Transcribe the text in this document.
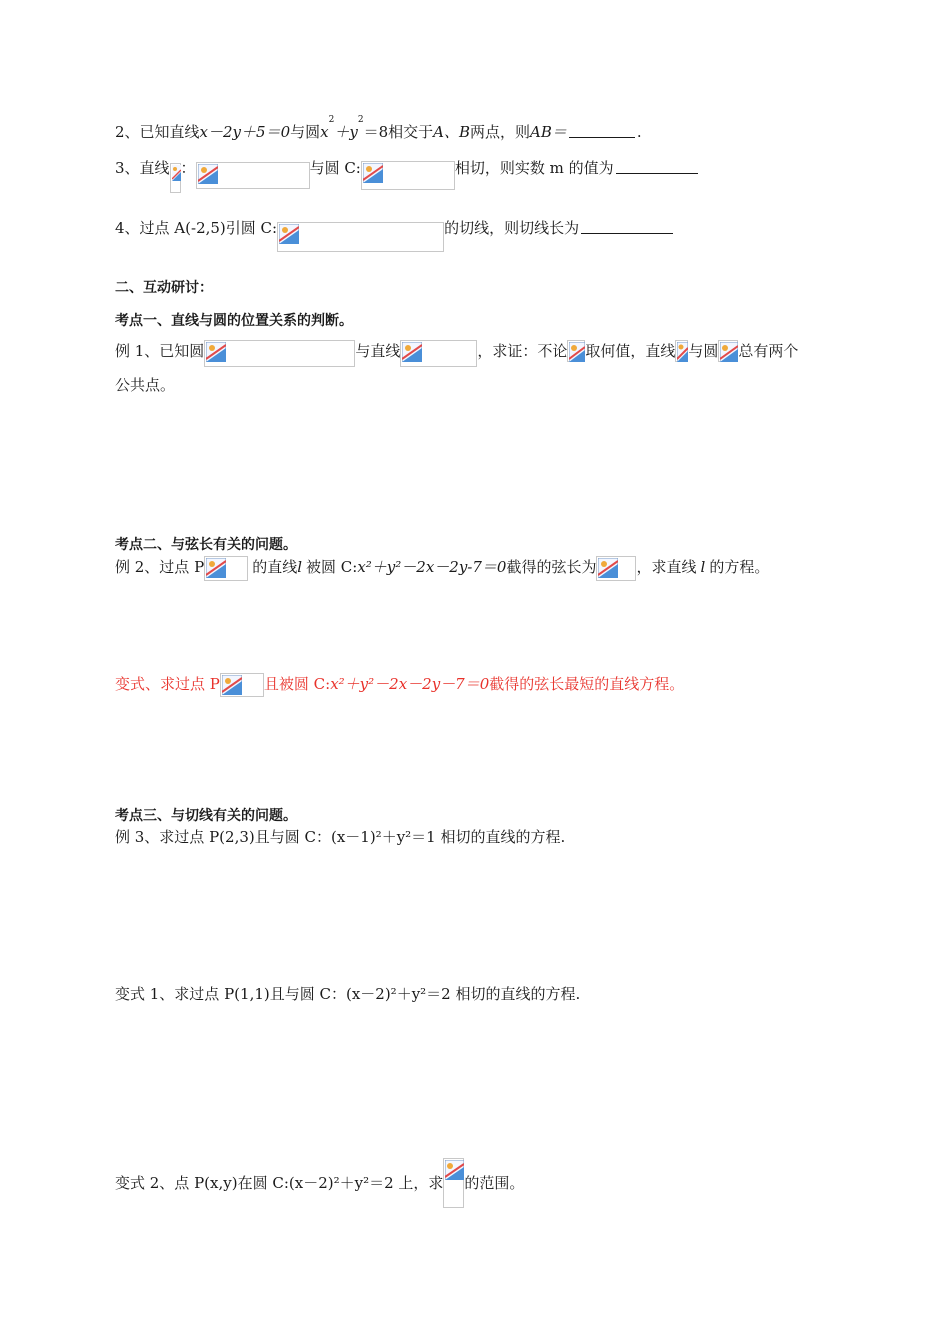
2、已知直线 x－2y＋5＝0 与圆 x
$^2$
＋y
$^2$
＝8 相交于 A、B 两点，则 AB＝	.
3、直线 ：	与圆 C:	相切，则实数 m 的值为
4、过点 A(-2,5)引圆 C:	的切线，则切线长为
二、互动研讨：
考点一、直线与圆的位置关系的判断。
例 1、已知圆	与直线	，求证：不论 取何值，直线 与圆 总有两个
公共点。
考点二、与弦长有关的问题。
例 2、过点 P	的直线 l 被圆 C: x²＋y²－2x－2y-7＝0 截得的弦长为	，求直线 l 的方程。
变式、求过点 P	且被圆 C: x²＋y²－2x－2y－7＝0 截得的弦长最短的直线方程。
考点三、与切线有关的问题。
例 3、求过点 P(2,3)且与圆 C：(x－1)²＋y²＝1 相切的直线的方程.
变式 1、求过点 P(1,1)且与圆 C：(x－2)²＋y²＝2 相切的直线的方程.
变式 2、点 P(x,y)在圆 C:(x－2)²＋y²＝2 上，求 的范围。
